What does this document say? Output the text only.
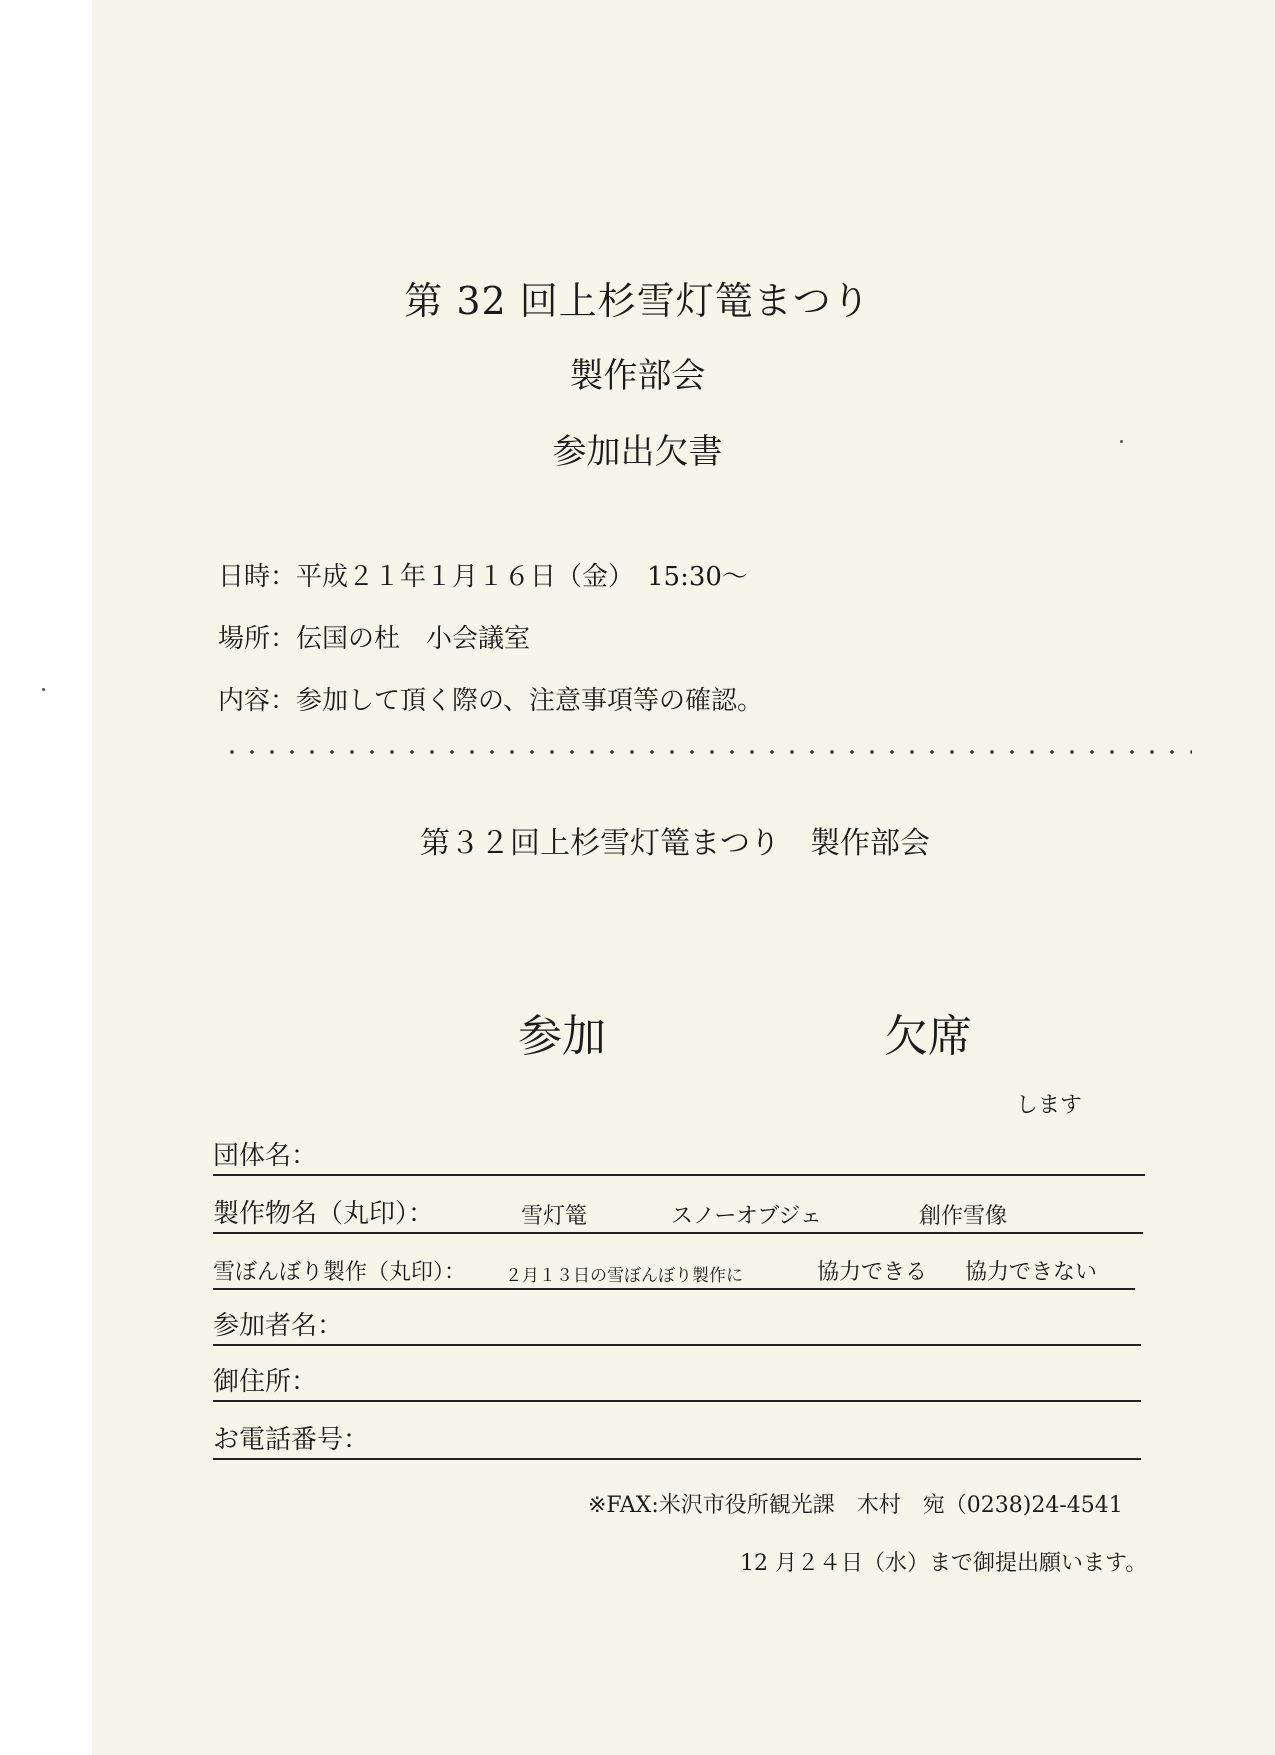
第 32 回上杉雪灯篭まつり
製作部会
参加出欠書
日時：平成２１年１月１６日（金）　15:30～
場所：伝国の杜　小会議室
内容：参加して頂く際の、注意事項等の確認。
第３２回上杉雪灯篭まつり　製作部会
参加	欠席
します
団体名：
製作物名（丸印）：	雪灯篭	スノーオブジェ	創作雪像
雪ぼんぼり製作（丸印）： ２月１３日の雪ぼんぼり製作に	協力できる 協力できない
参加者名：
御住所：
お電話番号：
※FAX:米沢市役所観光課　木村　宛（0238)24-4541
12 月２４日（水）まで御提出願います。
